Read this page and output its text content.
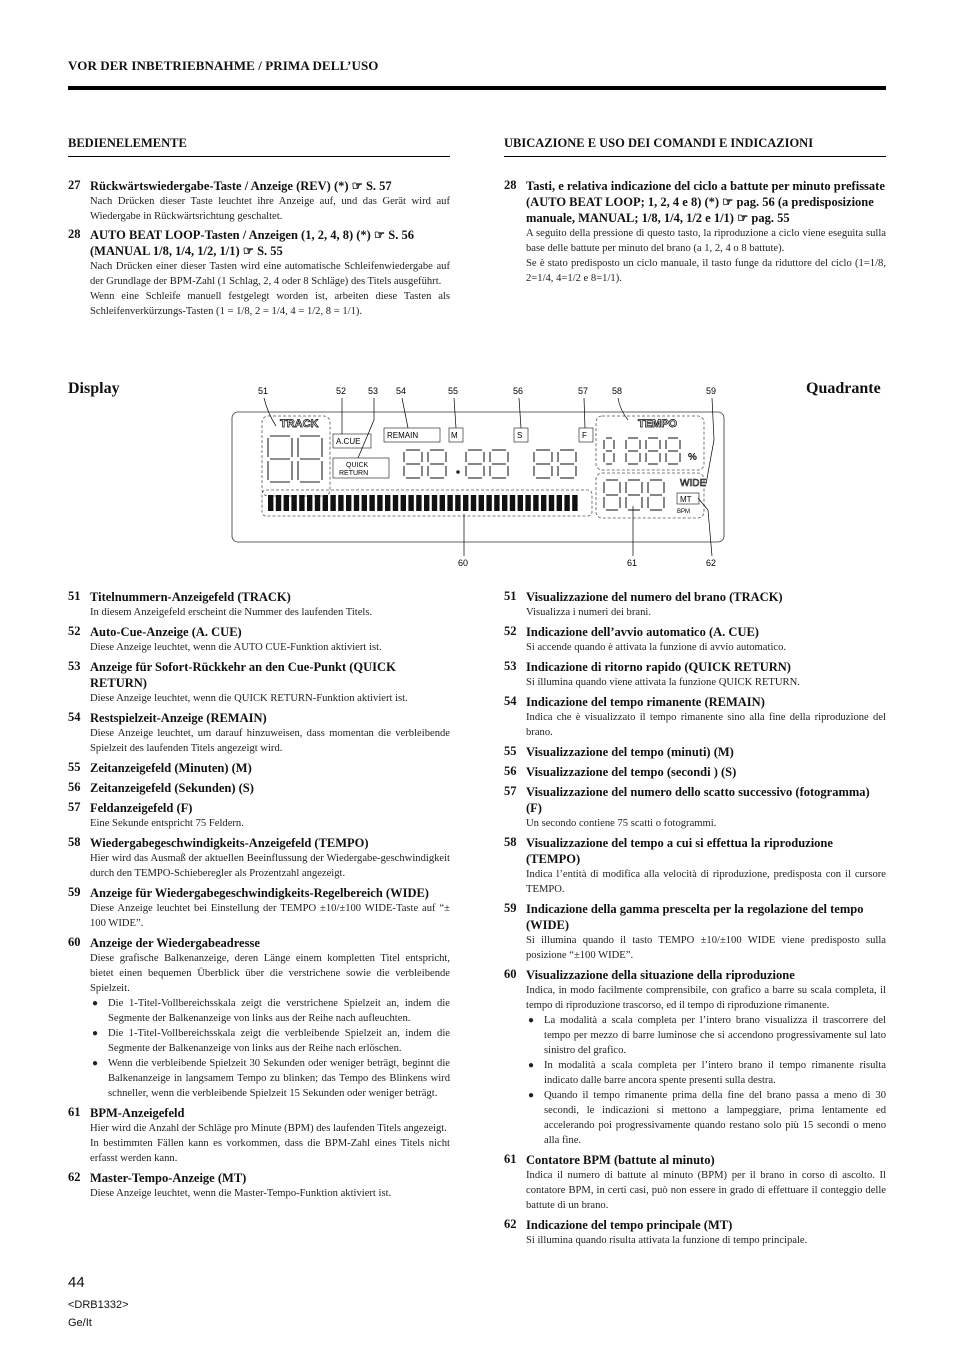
VOR DER INBETRIEBNAHME / PRIMA DELL’USO
BEDIENELEMENTE	UBICAZIONE E USO DEI COMANDI E INDICAZIONI
27 Rückwärtswiedergabe-Taste / Anzeige (REV) (*) ☞ S. 57
Nach Drücken dieser Taste leuchtet ihre Anzeige auf, und das Gerät wird auf Wiedergabe in Rückwärtsrichtung geschaltet.
28 AUTO BEAT LOOP-Tasten / Anzeigen (1, 2, 4, 8) (*) ☞ S. 56 (MANUAL 1/8, 1/4, 1/2, 1/1) ☞ S. 55
Nach Drücken einer dieser Tasten wird eine automatische Schleifenwiedergabe auf der Grundlage der BPM-Zahl (1 Schlag, 2, 4 oder 8 Schläge) des Titels ausgeführt.
Wenn eine Schleife manuell festgelegt worden ist, arbeiten diese Tasten als Schleifenverkürzungs-Tasten (1 = 1/8, 2 = 1/4, 4 = 1/2, 8 = 1/1).
28 Tasti, e relativa indicazione del ciclo a battute per minuto prefissate (AUTO BEAT LOOP; 1, 2, 4 e 8) (*) ☞ pag. 56 (a predisposizione manuale, MANUAL; 1/8, 1/4, 1/2 e 1/1) ☞ pag. 55
A seguito della pressione di questo tasto, la riproduzione a ciclo viene eseguita sulla base delle battute per minuto del brano (a 1, 2, 4 o 8 battute).
Se è stato predisposto un ciclo manuale, il tasto funge da riduttore del ciclo (1=1/8, 2=1/4, 4=1/2 e 8=1/1).
Display	Quadrante
51	52 53 54	55	56	57	58	59
60	61	62
TRACK
A.CUE
QUICK
RETURN
REMAIN	M	S	F
TEMPO
%
WIDE
MT
BPM
51 Titelnummern-Anzeigefeld (TRACK)
In diesem Anzeigefeld erscheint die Nummer des laufenden Titels.
52 Auto-Cue-Anzeige (A. CUE)
Diese Anzeige leuchtet, wenn die AUTO CUE-Funktion aktiviert ist.
53 Anzeige für Sofort-Rückkehr an den Cue-Punkt (QUICK RETURN)
Diese Anzeige leuchtet, wenn die QUICK RETURN-Funktion aktiviert ist.
54 Restspielzeit-Anzeige (REMAIN)
Diese Anzeige leuchtet, um darauf hinzuweisen, dass momentan die verbleibende Spielzeit des laufenden Titels angezeigt wird.
55 Zeitanzeigefeld (Minuten) (M)
56 Zeitanzeigefeld (Sekunden) (S)
57 Feldanzeigefeld (F)
Eine Sekunde entspricht 75 Feldern.
58 Wiedergabegeschwindigkeits-Anzeigefeld (TEMPO)
Hier wird das Ausmaß der aktuellen Beeinflussung der Wiedergabe-geschwindigkeit durch den TEMPO-Schieberegler als Prozentzahl angezeigt.
59 Anzeige für Wiedergabegeschwindigkeits-Regelbereich (WIDE)
Diese Anzeige leuchtet bei Einstellung der TEMPO ±10/±100 WIDE-Taste auf “± 100 WIDE”.
60 Anzeige der Wiedergabeadresse
Diese grafische Balkenanzeige, deren Länge einem kompletten Titel entspricht, bietet einen bequemen Überblick über die verstrichene sowie die verbleibende Spielzeit.
● Die 1-Titel-Vollbereichsskala zeigt die verstrichene Spielzeit an, indem die Segmente der Balkenanzeige von links aus der Reihe nach aufleuchten.
● Die 1-Titel-Vollbereichsskala zeigt die verbleibende Spielzeit an, indem die Segmente der Balkenanzeige von links aus der Reihe nach erlöschen.
● Wenn die verbleibende Spielzeit 30 Sekunden oder weniger beträgt, beginnt die Balkenanzeige in langsamem Tempo zu blinken; das Tempo des Blinkens wird schneller, wenn die verbleibende Spielzeit 15 Sekunden oder weniger beträgt.
61 BPM-Anzeigefeld
Hier wird die Anzahl der Schläge pro Minute (BPM) des laufenden Titels angezeigt.
In bestimmten Fällen kann es vorkommen, dass die BPM-Zahl eines Titels nicht erfasst werden kann.
62 Master-Tempo-Anzeige (MT)
Diese Anzeige leuchtet, wenn die Master-Tempo-Funktion aktiviert ist.
51 Visualizzazione del numero del brano (TRACK)
Visualizza i numeri dei brani.
52 Indicazione dell’avvio automatico (A. CUE)
Si accende quando è attivata la funzione di avvio automatico.
53 Indicazione di ritorno rapido (QUICK RETURN)
Si illumina quando viene attivata la funzione QUICK RETURN.
54 Indicazione del tempo rimanente (REMAIN)
Indica che è visualizzato il tempo rimanente sino alla fine della riproduzione del brano.
55 Visualizzazione del tempo (minuti) (M)
56 Visualizzazione del tempo (secondi ) (S)
57 Visualizzazione del numero dello scatto successivo (fotogramma) (F)
Un secondo contiene 75 scatti o fotogrammi.
58 Visualizzazione del tempo a cui si effettua la riproduzione (TEMPO)
Indica l’entità di modifica alla velocità di riproduzione, predisposta con il cursore TEMPO.
59 Indicazione della gamma prescelta per la regolazione del tempo (WIDE)
Si illumina quando il tasto TEMPO ±10/±100 WIDE viene predisposto sulla posizione “±100 WIDE”.
60 Visualizzazione della situazione della riproduzione
Indica, in modo facilmente comprensibile, con grafico a barre su scala completa, il tempo di riproduzione trascorso, ed il tempo di riproduzione rimanente.
● La modalità a scala completa per l’intero brano visualizza il trascorrere del tempo per mezzo di barre luminose che si accendono progressivamente sul lato sinistro del grafico.
● In modalità a scala completa per l’intero brano il tempo rimanente risulta indicato dalle barre ancora spente presenti sulla destra.
● Quando il tempo rimanente prima della fine del brano passa a meno di 30 secondi, le indicazioni si mettono a lampeggiare, prima lentamente ed accelerando poi progressivamente quando restano solo più 15 secondi o meno alla fine.
61 Contatore BPM (battute al minuto)
Indica il numero di battute al minuto (BPM) per il brano in corso di ascolto. Il contatore BPM, in certi casi, può non essere in grado di effettuare il conteggio delle battute di un brano.
62 Indicazione del tempo principale (MT)
Si illumina quando risulta attivata la funzione di tempo principale.
44
<DRB1332>
Ge/It
